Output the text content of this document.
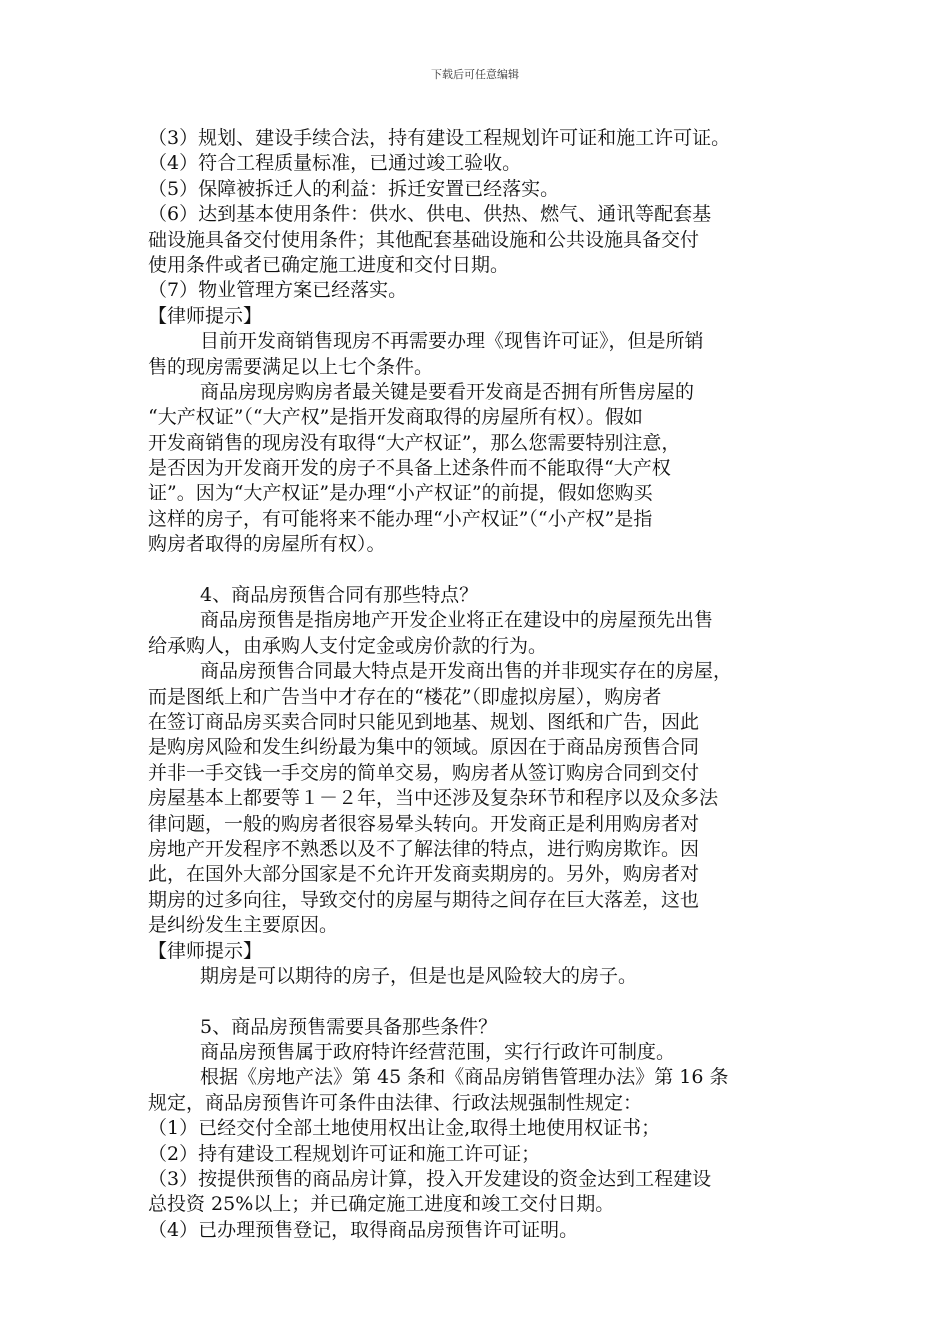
下载后可任意编辑
（3）规划、建设手续合法，持有建设工程规划许可证和施工许可证。
（4）符合工程质量标准，已通过竣工验收。
（5）保障被拆迁人的利益：拆迁安置已经落实。
（6）达到基本使用条件：供水、供电、供热、燃气、通讯等配套基
础设施具备交付使用条件；其他配套基础设施和公共设施具备交付
使用条件或者已确定施工进度和交付日期。
（7）物业管理方案已经落实。
【律师提示】
目前开发商销售现房不再需要办理《现售许可证》，但是所销
售的现房需要满足以上七个条件。
商品房现房购房者最关键是要看开发商是否拥有所售房屋的
“大产权证”（“大产权”是指开发商取得的房屋所有权）。假如
开发商销售的现房没有取得“大产权证”，那么您需要特别注意，
是否因为开发商开发的房子不具备上述条件而不能取得“大产权
证”。因为“大产权证”是办理“小产权证”的前提，假如您购买
这样的房子，有可能将来不能办理“小产权证”（“小产权”是指
购房者取得的房屋所有权）。
4、商品房预售合同有那些特点？
商品房预售是指房地产开发企业将正在建设中的房屋预先出售
给承购人，由承购人支付定金或房价款的行为。
商品房预售合同最大特点是开发商出售的并非现实存在的房屋，
而是图纸上和广告当中才存在的“楼花”（即虚拟房屋），购房者
在签订商品房买卖合同时只能见到地基、规划、图纸和广告，因此
是购房风险和发生纠纷最为集中的领域。原因在于商品房预售合同
并非一手交钱一手交房的简单交易，购房者从签订购房合同到交付
房屋基本上都要等１－２年，当中还涉及复杂环节和程序以及众多法
律问题，一般的购房者很容易晕头转向。开发商正是利用购房者对
房地产开发程序不熟悉以及不了解法律的特点，进行购房欺诈。因
此，在国外大部分国家是不允许开发商卖期房的。另外，购房者对
期房的过多向往，导致交付的房屋与期待之间存在巨大落差，这也
是纠纷发生主要原因。
【律师提示】
期房是可以期待的房子，但是也是风险较大的房子。
5、商品房预售需要具备那些条件？
商品房预售属于政府特许经营范围，实行行政许可制度。
根据《房地产法》第 45 条和《商品房销售管理办法》第 16 条
规定，商品房预售许可条件由法律、行政法规强制性规定：
（1）已经交付全部土地使用权出让金,取得土地使用权证书；
（2）持有建设工程规划许可证和施工许可证；
（3）按提供预售的商品房计算，投入开发建设的资金达到工程建设
总投资 25%以上；并已确定施工进度和竣工交付日期。
（4）已办理预售登记，取得商品房预售许可证明。
